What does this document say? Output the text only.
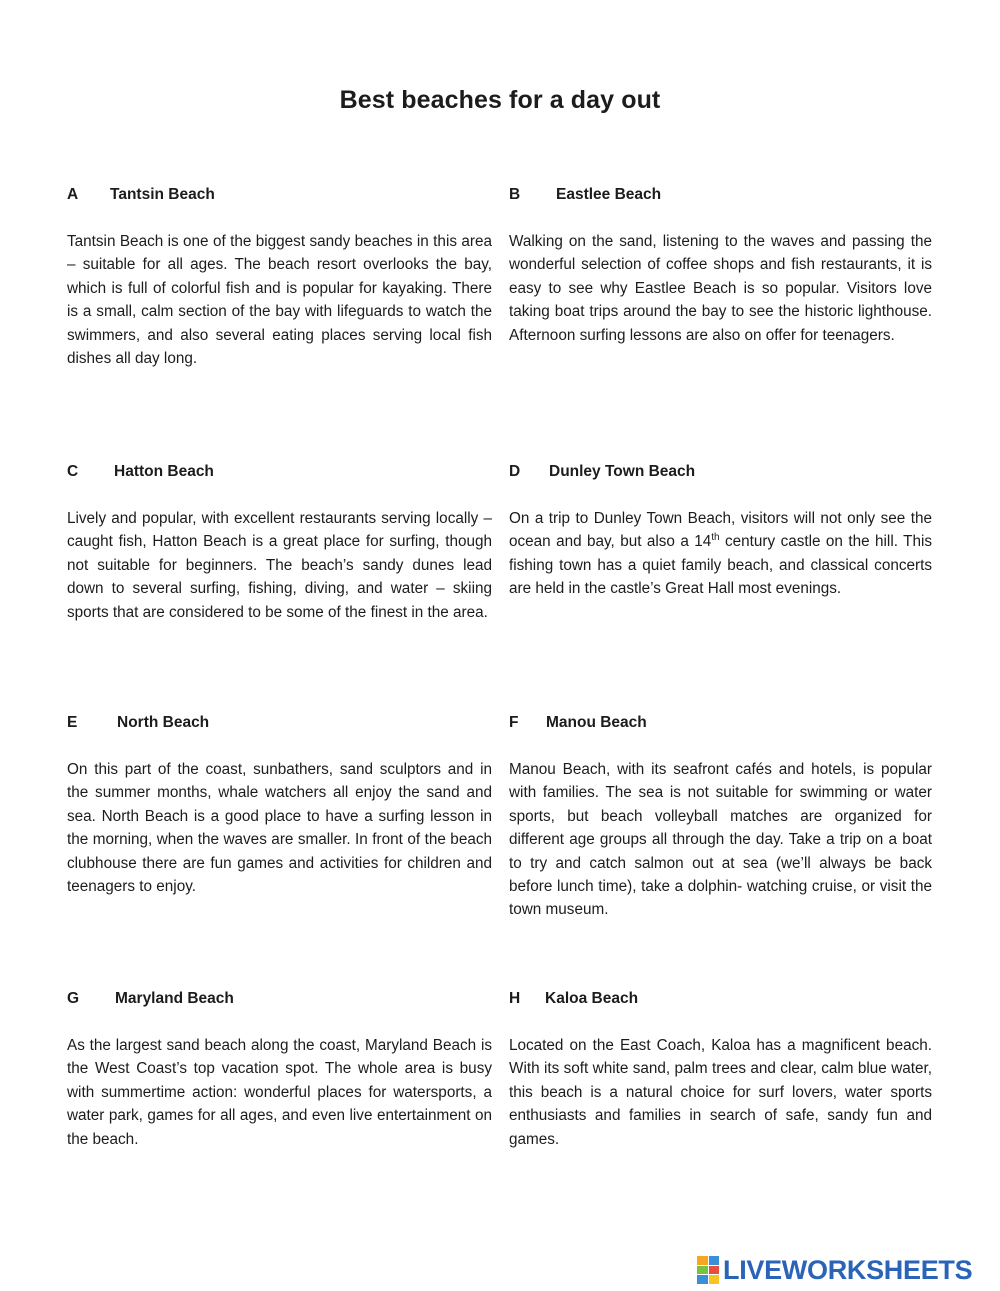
Best beaches for a day out
A Tantsin Beach
Tantsin Beach is one of the biggest sandy beaches in this area – suitable for all ages. The beach resort overlooks the bay, which is full of colorful fish and is popular for kayaking. There is a small, calm section of the bay with lifeguards to watch the swimmers, and also several eating places serving local fish dishes all day long.
B Eastlee Beach
Walking on the sand, listening to the waves and passing the wonderful selection of coffee shops and fish restaurants, it is easy to see why Eastlee Beach is so popular. Visitors love taking boat trips around the bay to see the historic lighthouse. Afternoon surfing lessons are also on offer for teenagers.
C Hatton Beach
Lively and popular, with excellent restaurants serving locally – caught fish, Hatton Beach is a great place for surfing, though not suitable for beginners. The beach’s sandy dunes lead down to several surfing, fishing, diving, and water – skiing sports that are considered to be some of the finest in the area.
D Dunley Town Beach
On a trip to Dunley Town Beach, visitors will not only see the ocean and bay, but also a 14th century castle on the hill. This fishing town has a quiet family beach, and classical concerts are held in the castle’s Great Hall most evenings.
E	North Beach
On this part of the coast, sunbathers, sand sculptors and in the summer months, whale watchers all enjoy the sand and sea. North Beach is a good place to have a surfing lesson in the morning, when the waves are smaller. In front of the beach clubhouse there are fun games and activities for children and teenagers to enjoy.
F Manou Beach
Manou Beach, with its seafront cafés and hotels, is popular with families. The sea is not suitable for swimming or water sports, but beach volleyball matches are organized for different age groups all through the day. Take a trip on a boat to try and catch salmon out at sea (we’ll always be back before lunch time), take a dolphin- watching cruise, or visit the town museum.
G Maryland Beach
As the largest sand beach along the coast, Maryland Beach is the West Coast’s top vacation spot. The whole area is busy with summertime action: wonderful places for watersports, a water park, games for all ages, and even live entertainment on the beach.
H Kaloa Beach
Located on the East Coach, Kaloa has a magnificent beach. With its soft white sand, palm trees and clear, calm blue water, this beach is a natural choice for surf lovers, water sports enthusiasts and families in search of safe, sandy fun and games.
LIVEWORKSHEETS
